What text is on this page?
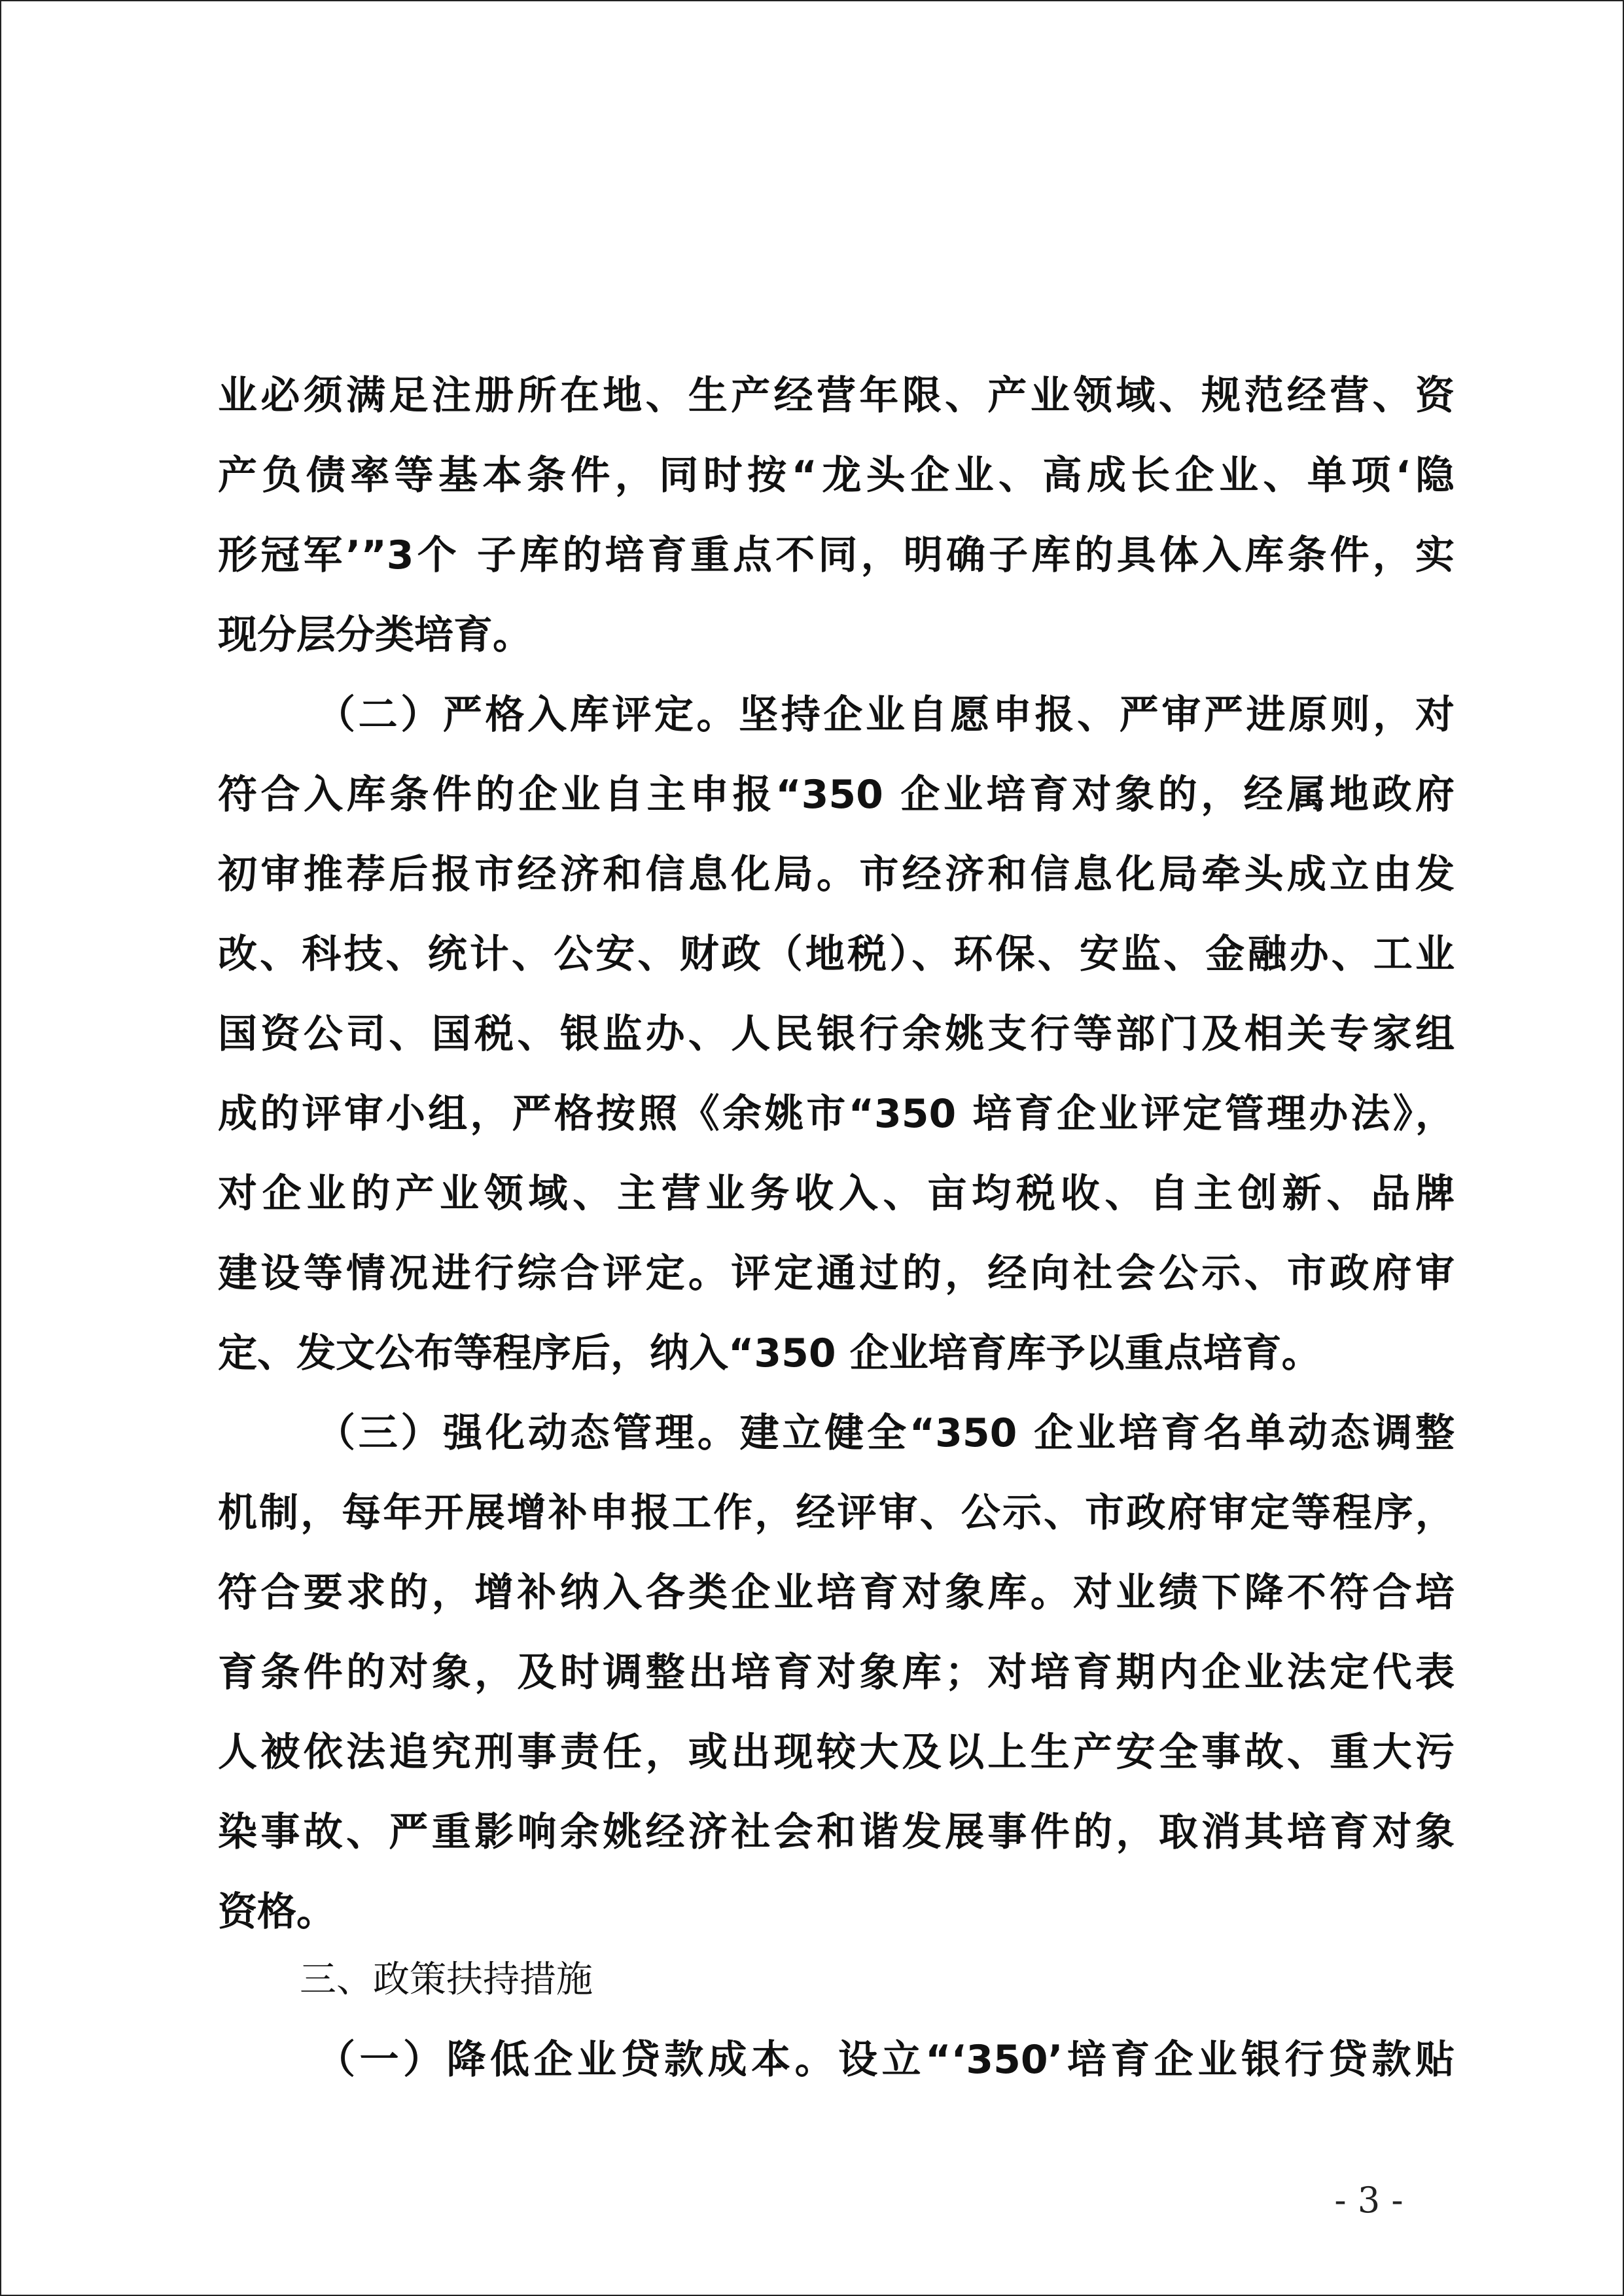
业必须满足注册所在地、生产经营年限、产业领域、规范经营、资
产负债率等基本条件，同时按“龙头企业、高成长企业、单项‘隐
形冠军’”3个 子库的培育重点不同，明确子库的具体入库条件，实
现分层分类培育。
（二）严格入库评定。坚持企业自愿申报、严审严进原则，对
符合入库条件的企业自主申报“350 企业培育对象的，经属地政府
初审推荐后报市经济和信息化局。市经济和信息化局牵头成立由发
改、科技、统计、公安、财政（地税）、环保、安监、金融办、工业
国资公司、国税、银监办、人民银行余姚支行等部门及相关专家组
成的评审小组，严格按照《余姚市“350 培育企业评定管理办法》，
对企业的产业领域、主营业务收入、亩均税收、自主创新、品牌
建设等情况进行综合评定。评定通过的，经向社会公示、市政府审
定、发文公布等程序后，纳入“350 企业培育库予以重点培育。
（三）强化动态管理。建立健全“350 企业培育名单动态调整
机制，每年开展增补申报工作，经评审、公示、市政府审定等程序，
符合要求的，增补纳入各类企业培育对象库。对业绩下降不符合培
育条件的对象，及时调整出培育对象库；对培育期内企业法定代表
人被依法追究刑事责任，或出现较大及以上生产安全事故、重大污
染事故、严重影响余姚经济社会和谐发展事件的，取消其培育对象
资格。
（一）降低企业贷款成本。设立“‘350’培育企业银行贷款贴
三、政策扶持措施
- 3 -
